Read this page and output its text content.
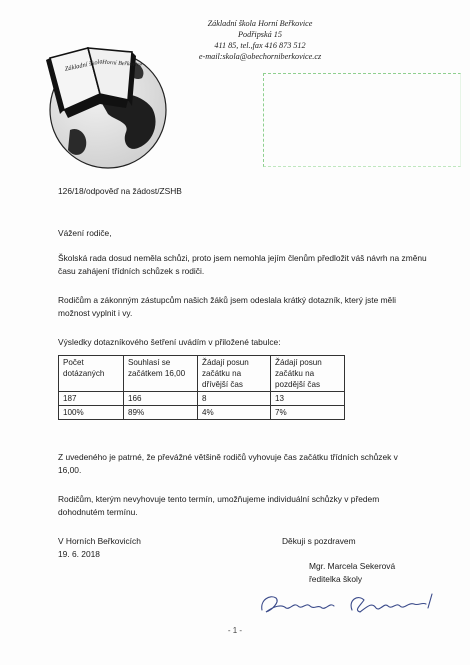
Základní škola
Horní Beřkovice
Základní škola Horní Beřkovice
Podřipská 15
411 85, tel.,fax 416 873 512
e-mail:skola@obechorniberkovice.cz
126/18/odpověď na žádost/ZSHB
Vážení rodiče,
Školská rada dosud neměla schůzi, proto jsem nemohla jejím členům předložit váš návrh na změnu času zahájení třídních schůzek s rodiči.
Rodičům a zákonným zástupcům našich žáků jsem odeslala krátký dotazník, který jste měli možnost vyplnit i vy.
Výsledky dotazníkového šetření uvádím v přiložené tabulce:
Počet dotázaných	Souhlasí se začátkem 16,00	Žádají posun začátku na dřívější čas	Žádají posun začátku na pozdější čas
187	166	8	13
100%	89%	4%	7%
Z uvedeného je patrné, že převážné většině rodičů vyhovuje čas začátku třídních schůzek v 16,00.
Rodičům, kterým nevyhovuje tento termín, umožňujeme individuální schůzky v předem dohodnutém termínu.
V Horních Beřkovicích
19. 6. 2018
Děkuji s pozdravem
Mgr. Marcela Sekerová
ředitelka školy
- 1 -
